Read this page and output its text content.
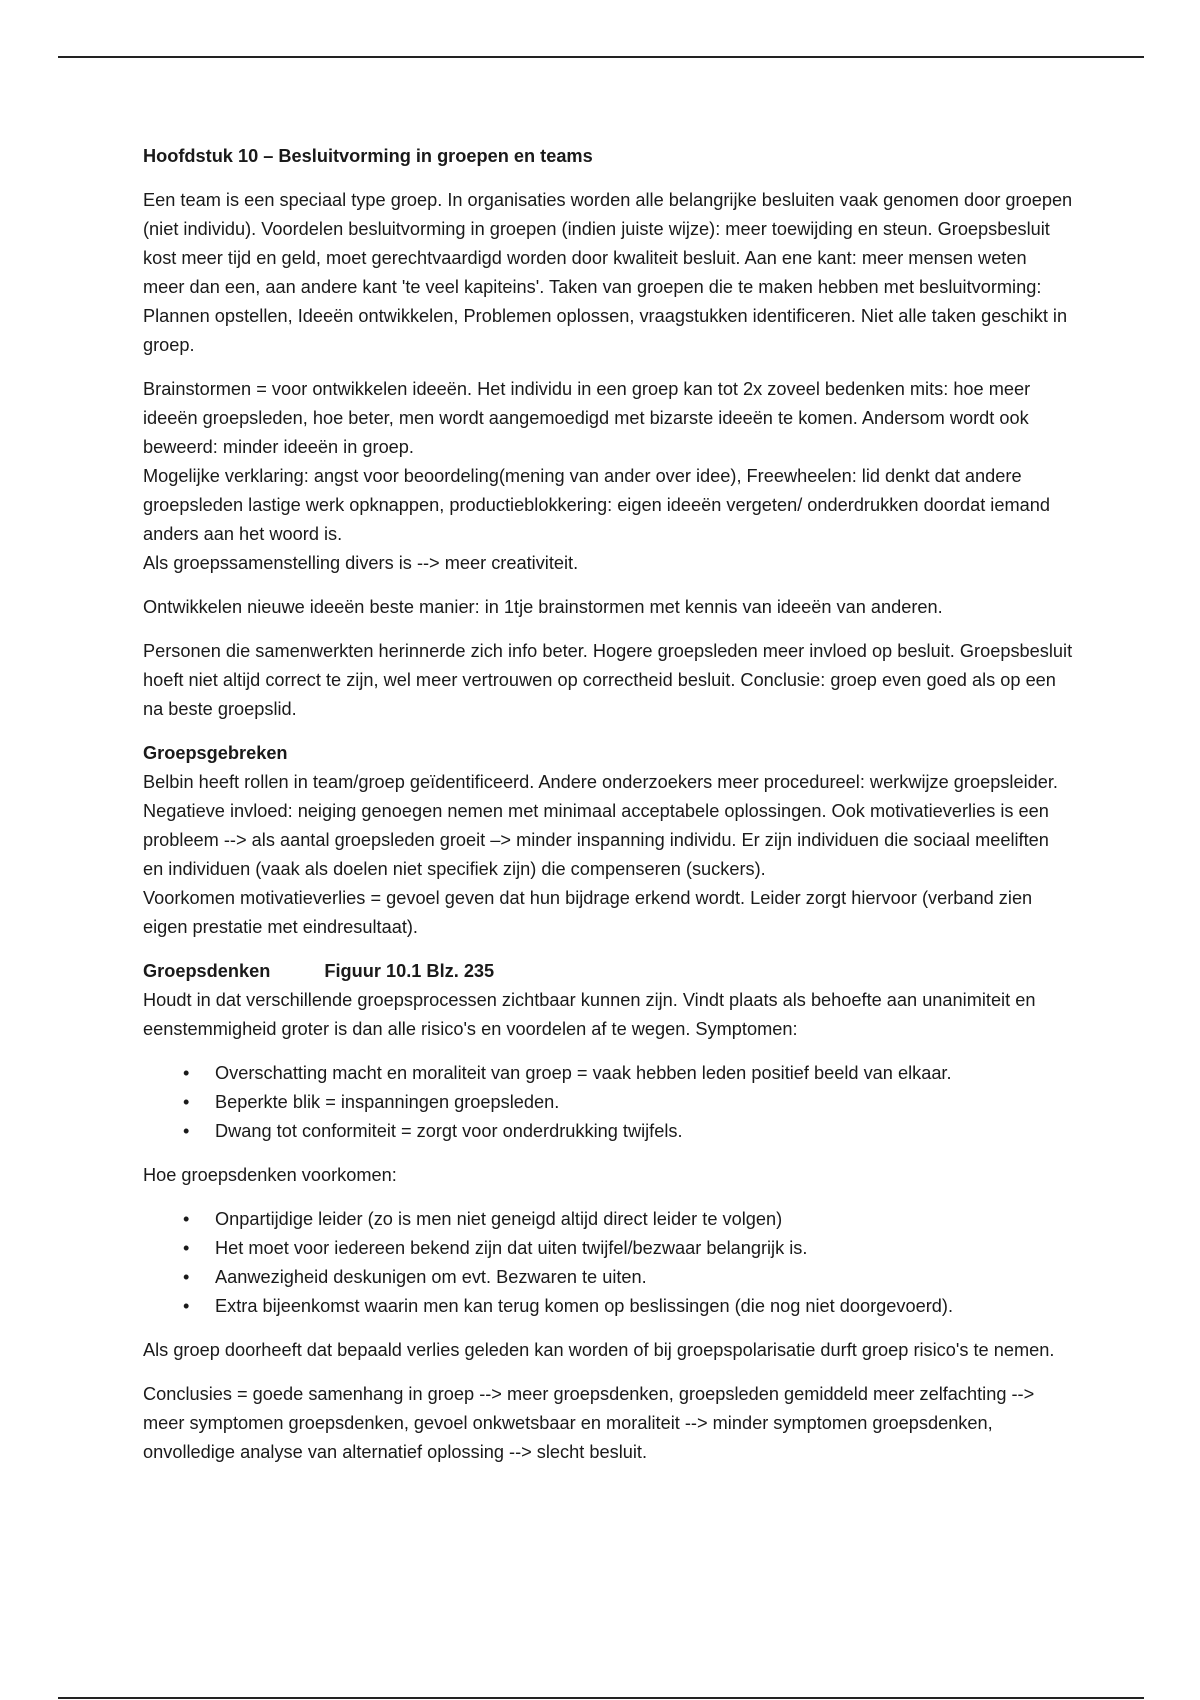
Hoofdstuk 10 – Besluitvorming in groepen en teams

Een team is een speciaal type groep. In organisaties worden alle belangrijke besluiten vaak genomen door groepen (niet individu). Voordelen besluitvorming in groepen (indien juiste wijze): meer toewijding en steun. Groepsbesluit kost meer tijd en geld, moet gerechtvaardigd worden door kwaliteit besluit. Aan ene kant: meer mensen weten meer dan een, aan andere kant 'te veel kapiteins'. Taken van groepen die te maken hebben met besluitvorming: Plannen opstellen, Ideeën ontwikkelen, Problemen oplossen, vraagstukken identificeren. Niet alle taken geschikt in groep.

Brainstormen = voor ontwikkelen ideeën. Het individu in een groep kan tot 2x zoveel bedenken mits: hoe meer ideeën groepsleden, hoe beter, men wordt aangemoedigd met bizarste ideeën te komen. Andersom wordt ook beweerd: minder ideeën in groep.
Mogelijke verklaring: angst voor beoordeling(mening van ander over idee), Freewheelen: lid denkt dat andere groepsleden lastige werk opknappen, productieblokkering: eigen ideeën vergeten/ onderdrukken doordat iemand anders aan het woord is.
Als groepssamenstelling divers is --> meer creativiteit.

Ontwikkelen nieuwe ideeën beste manier: in 1tje brainstormen met kennis van ideeën van anderen.

Personen die samenwerkten herinnerde zich info beter. Hogere groepsleden meer invloed op besluit. Groepsbesluit hoeft niet altijd correct te zijn, wel meer vertrouwen op correctheid besluit. Conclusie: groep even goed als op een na beste groepslid.

Groepsgebreken
Belbin heeft rollen in team/groep geïdentificeerd. Andere onderzoekers meer procedureel: werkwijze groepsleider. Negatieve invloed: neiging genoegen nemen met minimaal acceptabele oplossingen. Ook motivatieverlies is een probleem --> als aantal groepsleden groeit –> minder inspanning individu. Er zijn individuen die sociaal meeliften en individuen (vaak als doelen niet specifiek zijn) die compenseren (suckers).
Voorkomen motivatieverlies = gevoel geven dat hun bijdrage erkend wordt. Leider zorgt hiervoor (verband zien eigen prestatie met eindresultaat).

Groepsdenken	Figuur 10.1 Blz. 235
Houdt in dat verschillende groepsprocessen zichtbaar kunnen zijn. Vindt plaats als behoefte aan unanimiteit en eenstemmigheid groter is dan alle risico's en voordelen af te wegen. Symptomen:

• Overschatting macht en moraliteit van groep = vaak hebben leden positief beeld van elkaar.
• Beperkte blik = inspanningen groepsleden.
• Dwang tot conformiteit = zorgt voor onderdrukking twijfels.

Hoe groepsdenken voorkomen:

• Onpartijdige leider (zo is men niet geneigd altijd direct leider te volgen)
• Het moet voor iedereen bekend zijn dat uiten twijfel/bezwaar belangrijk is.
• Aanwezigheid deskunigen om evt. Bezwaren te uiten.
• Extra bijeenkomst waarin men kan terug komen op beslissingen (die nog niet doorgevoerd).

Als groep doorheeft dat bepaald verlies geleden kan worden of bij groepspolarisatie durft groep risico's te nemen.

Conclusies = goede samenhang in groep --> meer groepsdenken, groepsleden gemiddeld meer zelfachting --> meer symptomen groepsdenken, gevoel onkwetsbaar en moraliteit --> minder symptomen groepsdenken, onvolledige analyse van alternatief oplossing --> slecht besluit.
